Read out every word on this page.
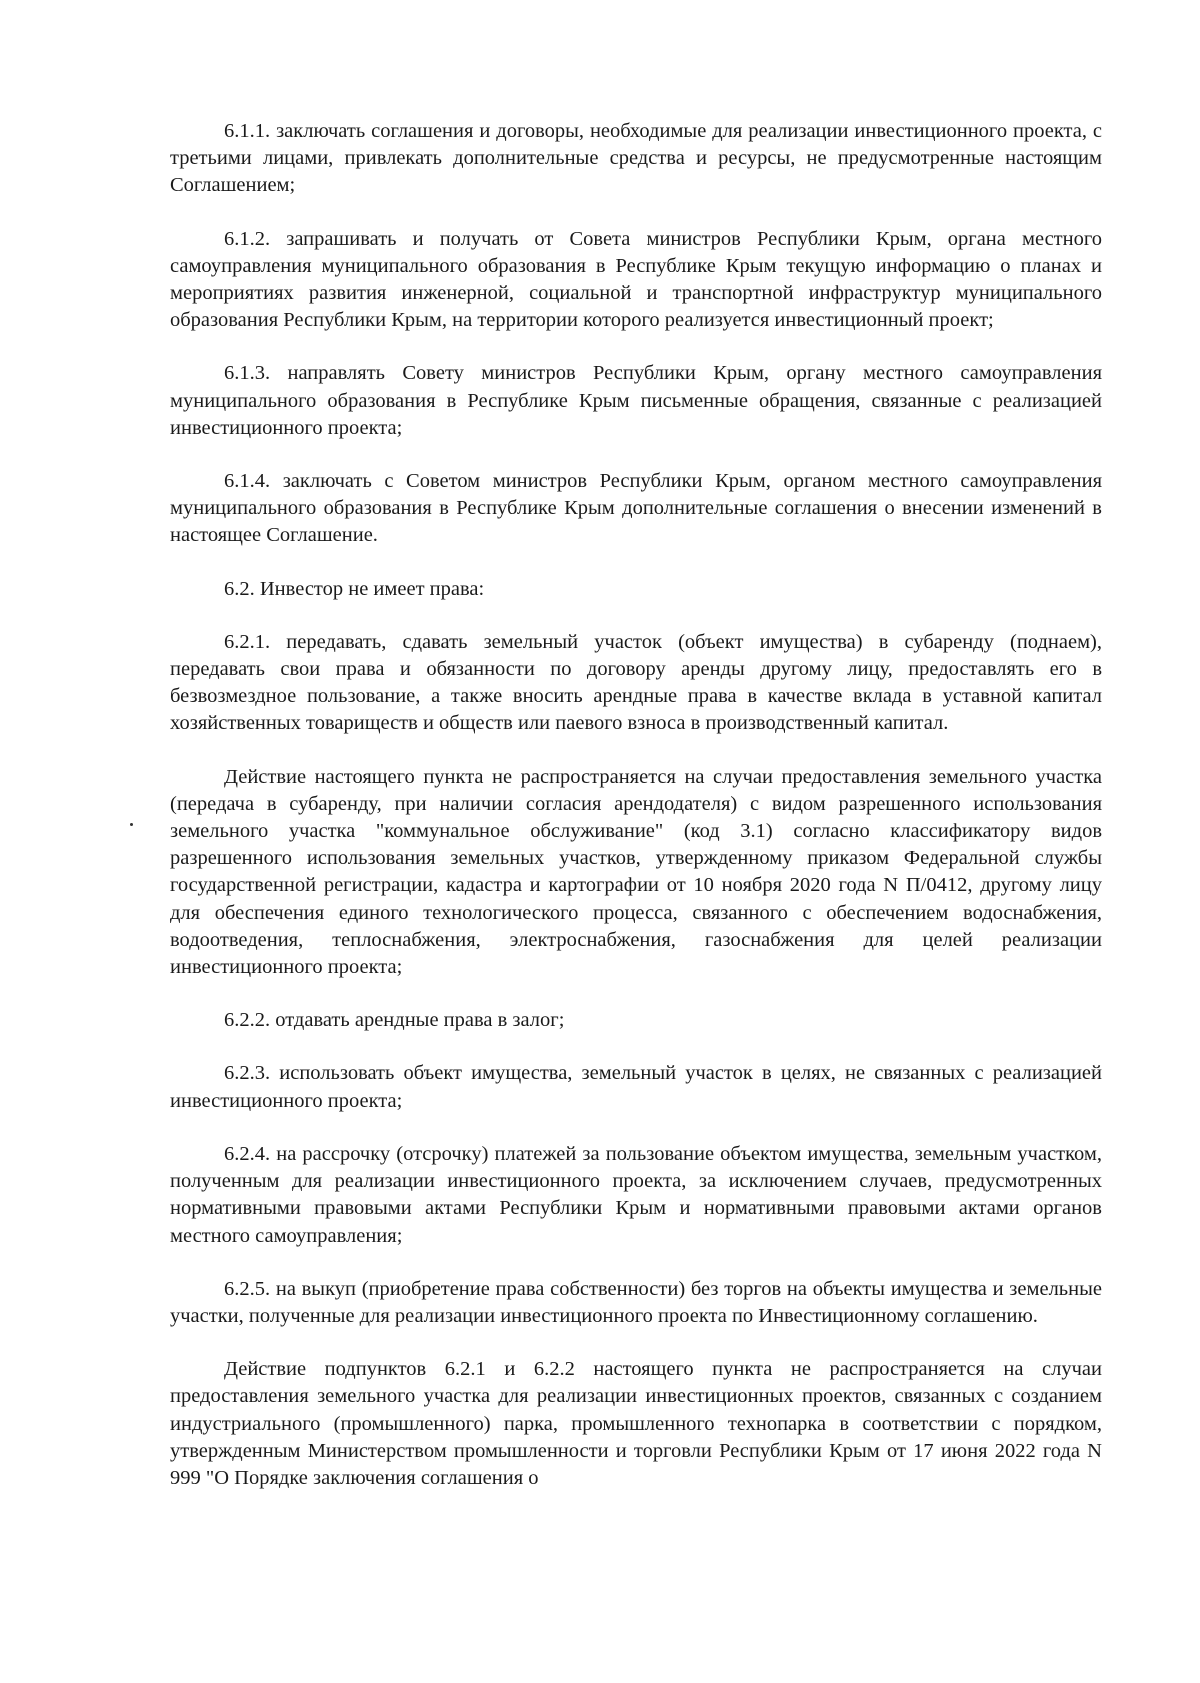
6.1.1. заключать соглашения и договоры, необходимые для реализации инвестиционного проекта, с третьими лицами, привлекать дополнительные средства и ресурсы, не предусмотренные настоящим Соглашением;

6.1.2. запрашивать и получать от Совета министров Республики Крым, органа местного самоуправления муниципального образования в Республике Крым текущую информацию о планах и мероприятиях развития инженерной, социальной и транспортной инфраструктур муниципального образования Республики Крым, на территории которого реализуется инвестиционный проект;

6.1.3. направлять Совету министров Республики Крым, органу местного самоуправления муниципального образования в Республике Крым письменные обращения, связанные с реализацией инвестиционного проекта;

6.1.4. заключать с Советом министров Республики Крым, органом местного самоуправления муниципального образования в Республике Крым дополнительные соглашения о внесении изменений в настоящее Соглашение.

6.2. Инвестор не имеет права:

6.2.1. передавать, сдавать земельный участок (объект имущества) в субаренду (поднаем), передавать свои права и обязанности по договору аренды другому лицу, предоставлять его в безвозмездное пользование, а также вносить арендные права в качестве вклада в уставной капитал хозяйственных товариществ и обществ или паевого взноса в производственный капитал.

Действие настоящего пункта не распространяется на случаи предоставления земельного участка (передача в субаренду, при наличии согласия арендодателя) с видом разрешенного использования земельного участка "коммунальное обслуживание" (код 3.1) согласно классификатору видов разрешенного использования земельных участков, утвержденному приказом Федеральной службы государственной регистрации, кадастра и картографии от 10 ноября 2020 года N П/0412, другому лицу для обеспечения единого технологического процесса, связанного с обеспечением водоснабжения, водоотведения, теплоснабжения, электроснабжения, газоснабжения для целей реализации инвестиционного проекта;

6.2.2. отдавать арендные права в залог;

6.2.3. использовать объект имущества, земельный участок в целях, не связанных с реализацией инвестиционного проекта;

6.2.4. на рассрочку (отсрочку) платежей за пользование объектом имущества, земельным участком, полученным для реализации инвестиционного проекта, за исключением случаев, предусмотренных нормативными правовыми актами Республики Крым и нормативными правовыми актами органов местного самоуправления;

6.2.5. на выкуп (приобретение права собственности) без торгов на объекты имущества и земельные участки, полученные для реализации инвестиционного проекта по Инвестиционному соглашению.

Действие подпунктов 6.2.1 и 6.2.2 настоящего пункта не распространяется на случаи предоставления земельного участка для реализации инвестиционных проектов, связанных с созданием индустриального (промышленного) парка, промышленного технопарка в соответствии с порядком, утвержденным Министерством промышленности и торговли Республики Крым от 17 июня 2022 года N 999 "О Порядке заключения соглашения о
